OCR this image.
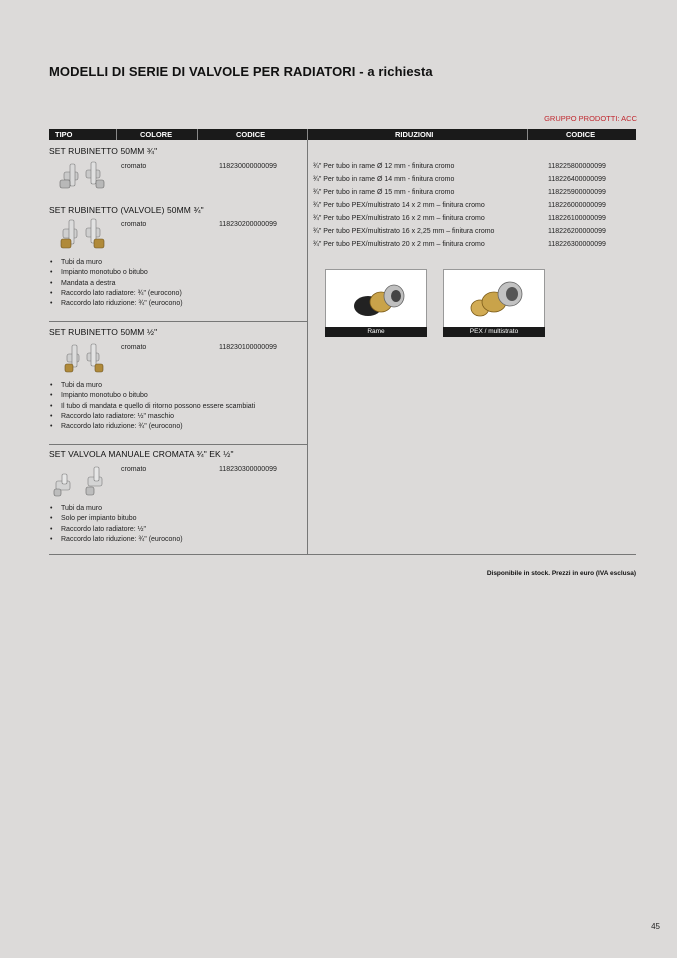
MODELLI DI SERIE DI VALVOLE PER RADIATORI - a richiesta
GRUPPO PRODOTTI: ACC
TIPO	COLORE	CODICE	RIDUZIONI	CODICE
SET RUBINETTO 50MM ¾"
cromato	118230000000099
SET RUBINETTO (VALVOLE) 50MM ¾"
cromato	118230200000099
• Tubi da muro
• Impianto monotubo o bitubo
• Mandata a destra
• Raccordo lato radiatore: ¾" (eurocono)
• Raccordo lato riduzione: ¾" (eurocono)
SET RUBINETTO 50MM ½"
cromato	118230100000099
• Tubi da muro
• Impianto monotubo o bitubo
• Il tubo di mandata e quello di ritorno possono essere scambiati
• Raccordo lato radiatore: ½" maschio
• Raccordo lato riduzione: ¾" (eurocono)
SET VALVOLA MANUALE CROMATA ¾" EK ½"
cromato	118230300000099
• Tubi da muro
• Solo per impianto bitubo
• Raccordo lato radiatore: ½"
• Raccordo lato riduzione: ¾" (eurocono)
¾" Per tubo in rame Ø 12 mm - finitura cromo	118225800000099
¾" Per tubo in rame Ø 14 mm - finitura cromo	118226400000099
¾" Per tubo in rame Ø 15 mm - finitura cromo	118225900000099
¾" Per tubo PEX/multistrato 14 x 2 mm – finitura cromo	118226000000099
¾" Per tubo PEX/multistrato 16 x 2 mm – finitura cromo	118226100000099
¾" Per tubo PEX/multistrato 16 x 2,25 mm – finitura cromo	118226200000099
¾" Per tubo PEX/multistrato 20 x 2 mm – finitura cromo	118226300000099
Rame	PEX / multistrato
Disponibile in stock. Prezzi in euro (IVA esclusa)
45
